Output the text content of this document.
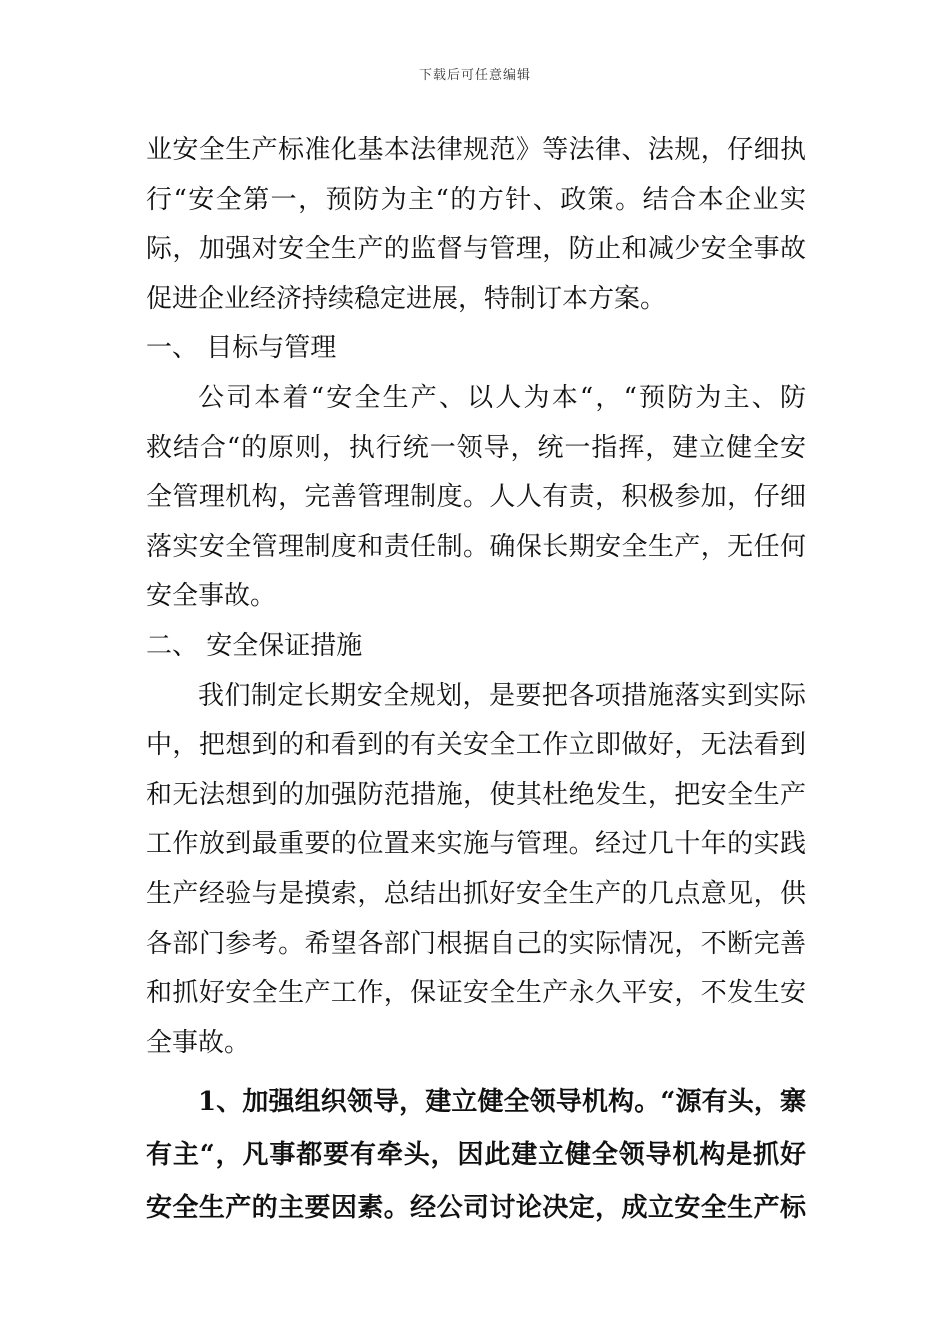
下载后可任意编辑
业安全生产标准化基本法律规范》等法律、法规，仔细执
行“安全第一，预防为主“的方针、政策。结合本企业实
际，加强对安全生产的监督与管理，防止和减少安全事故
促进企业经济持续稳定进展，特制订本方案。
一、 目标与管理
公司本着“安全生产、以人为本“，“预防为主、防
救结合“的原则，执行统一领导，统一指挥，建立健全安
全管理机构，完善管理制度。人人有责，积极参加，仔细
落实安全管理制度和责任制。确保长期安全生产，无任何
安全事故。
二、 安全保证措施
我们制定长期安全规划，是要把各项措施落实到实际
中，把想到的和看到的有关安全工作立即做好，无法看到
和无法想到的加强防范措施，使其杜绝发生，把安全生产
工作放到最重要的位置来实施与管理。经过几十年的实践
生产经验与是摸索，总结出抓好安全生产的几点意见，供
各部门参考。希望各部门根据自己的实际情况，不断完善
和抓好安全生产工作，保证安全生产永久平安，不发生安
全事故。
1、加强组织领导，建立健全领导机构。“源有头，寨
有主“，凡事都要有牵头，因此建立健全领导机构是抓好
安全生产的主要因素。经公司讨论决定，成立安全生产标
